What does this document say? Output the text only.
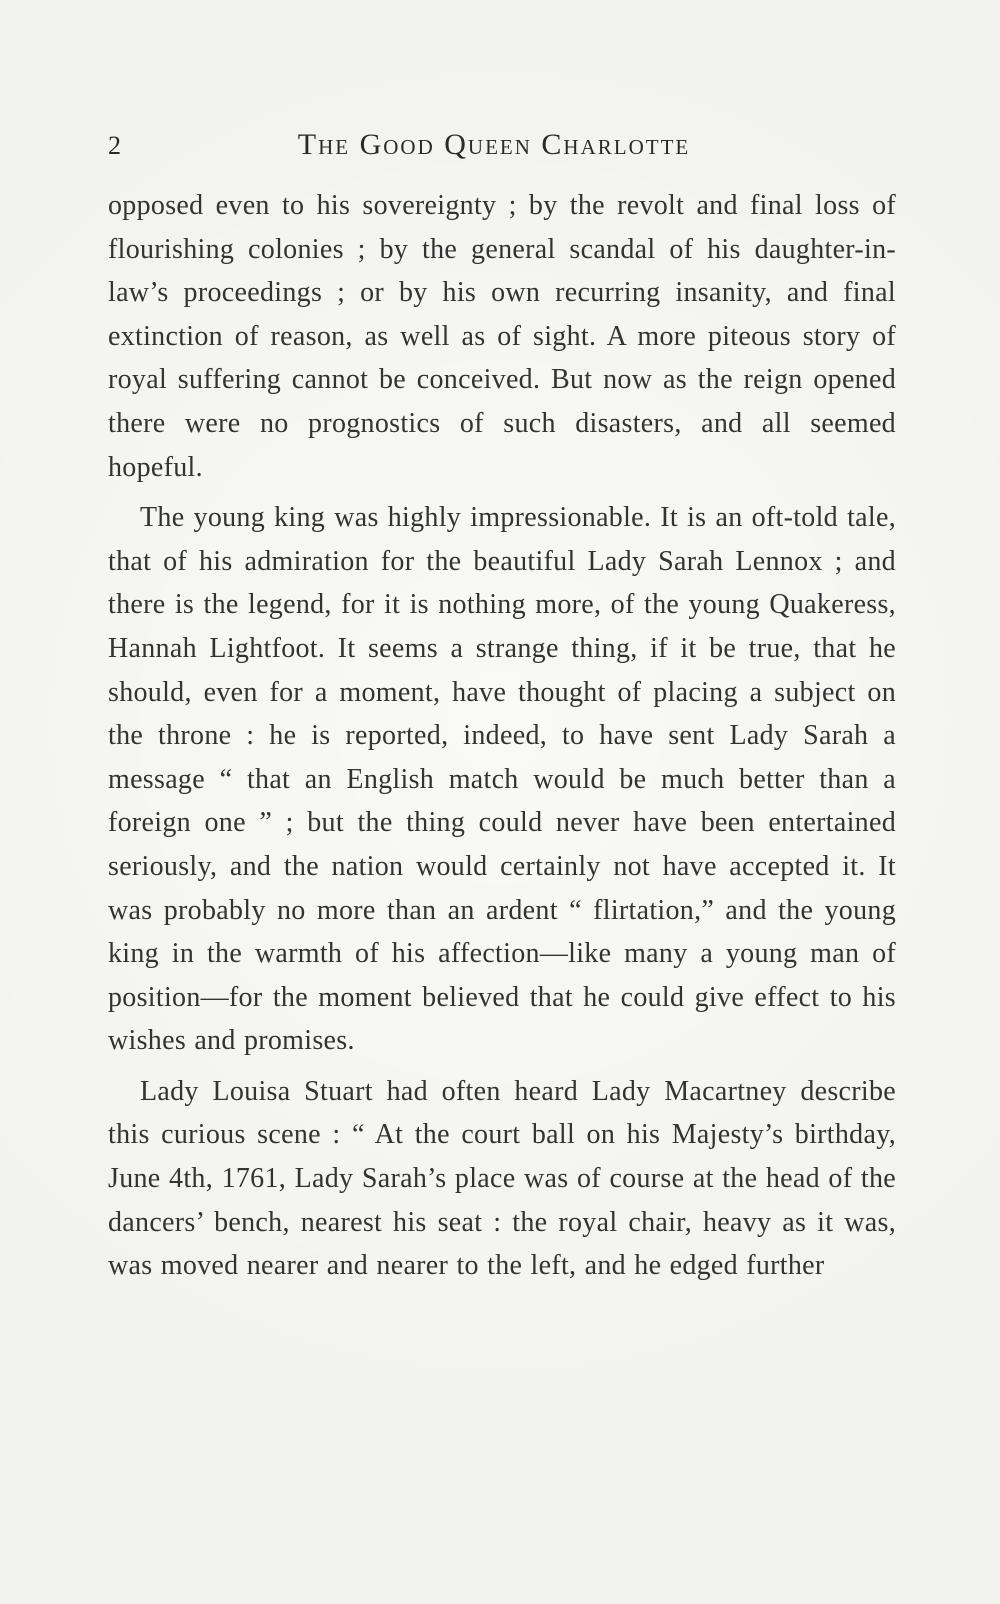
2	The Good Queen Charlotte

opposed even to his sovereignty ; by the revolt and final loss of flourishing colonies ; by the general scandal of his daughter-in-law’s proceedings ; or by his own recurring insanity, and final extinction of reason, as well as of sight. A more piteous story of royal suffering cannot be conceived. But now as the reign opened there were no prognostics of such disasters, and all seemed hopeful.

The young king was highly impressionable. It is an oft-told tale, that of his admiration for the beautiful Lady Sarah Lennox ; and there is the legend, for it is nothing more, of the young Quakeress, Hannah Lightfoot. It seems a strange thing, if it be true, that he should, even for a moment, have thought of placing a subject on the throne : he is reported, indeed, to have sent Lady Sarah a message “ that an English match would be much better than a foreign one ” ; but the thing could never have been entertained seriously, and the nation would certainly not have accepted it. It was probably no more than an ardent “ flirtation,” and the young king in the warmth of his affection—like many a young man of position—for the moment believed that he could give effect to his wishes and promises.

Lady Louisa Stuart had often heard Lady Macartney describe this curious scene : “ At the court ball on his Majesty’s birthday, June 4th, 1761, Lady Sarah’s place was of course at the head of the dancers’ bench, nearest his seat : the royal chair, heavy as it was, was moved nearer and nearer to the left, and he edged further
